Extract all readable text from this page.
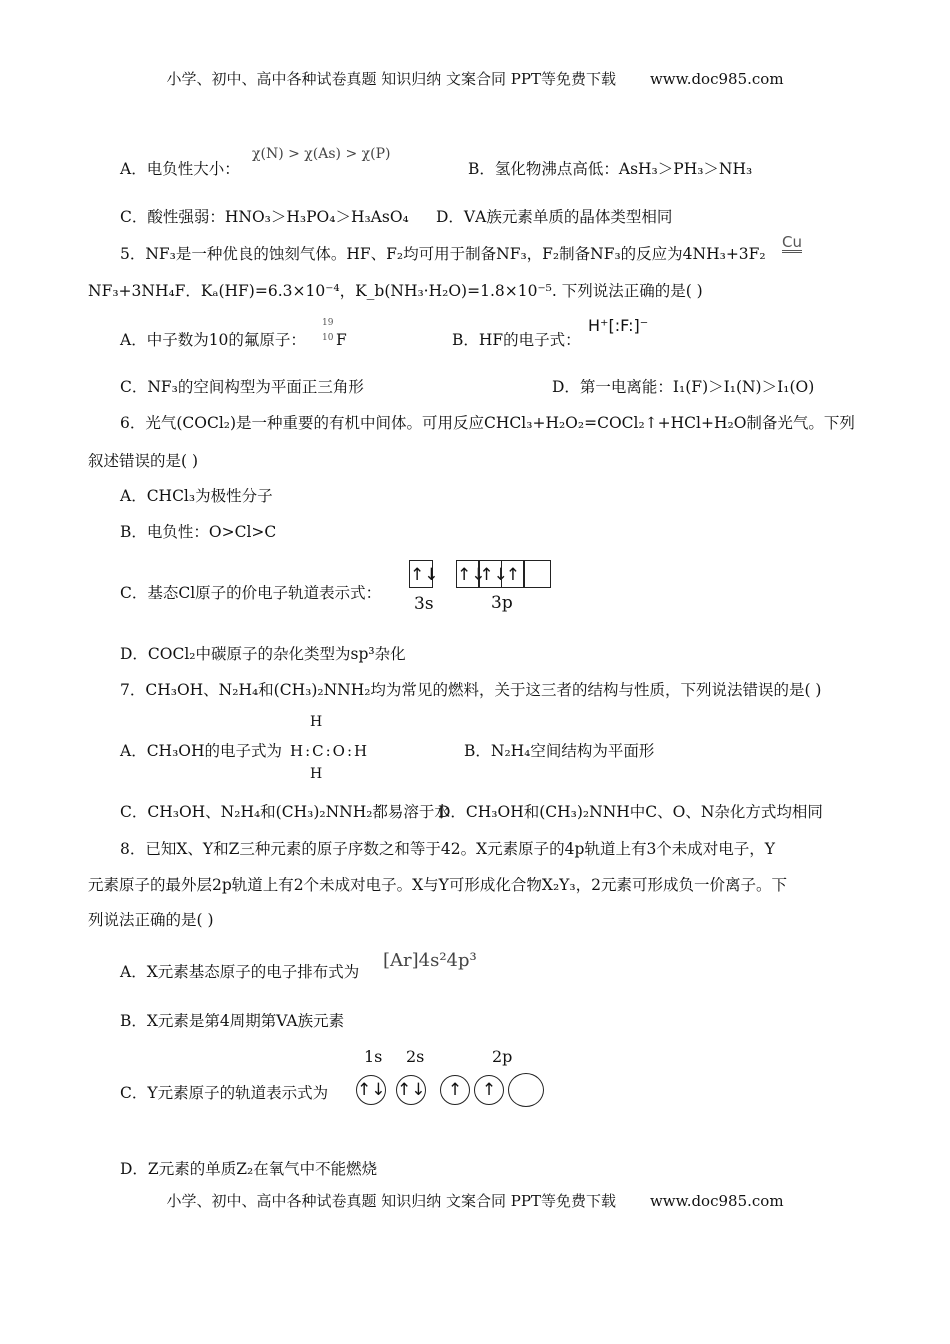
小学、初中、高中各种试卷真题 知识归纳 文案合同 PPT等免费下载 www.doc985.com
A．电负性大小：
χ(N) > χ(As) > χ(P)
B．氢化物沸点高低：AsH₃＞PH₃＞NH₃
C．酸性强弱：HNO₃＞H₃PO₄＞H₃AsO₄ D．ⅤA族元素单质的晶体类型相同
5．NF₃是一种优良的蚀刻气体。HF、F₂均可用于制备NF₃，F₂制备NF₃的反应为4NH₃+3F₂
Cu
NF₃+3NH₄F．Kₐ(HF)=6.3×10⁻⁴，K_b(NH₃·H₂O)=1.8×10⁻⁵. 下列说法正确的是( )
A．中子数为10的氟原子：
19
10 F	B．HF的电子式：
H⁺[:F:]⁻
C．NF₃的空间构型为平面正三角形	D．第一电离能：I₁(F)＞I₁(N)＞I₁(O)
6．光气(COCl₂)是一种重要的有机中间体。可用反应CHCl₃+H₂O₂=COCl₂↑+HCl+H₂O制备光气。下列
叙述错误的是( )
A．CHCl₃为极性分子
B．电负性：O>Cl>C
C．基态Cl原子的价电子轨道表示式：
↑↓ ↑↓
↑↓
↑
3s	3p
D．COCl₂中碳原子的杂化类型为sp³杂化
7．CH₃OH、N₂H₄和(CH₃)₂NNH₂均为常见的燃料，关于这三者的结构与性质，下列说法错误的是( )
A．CH₃OH的电子式为
H
H:C:O:H
H
B．N₂H₄空间结构为平面形
C．CH₃OH、N₂H₄和(CH₃)₂NNH₂都易溶于水
D．CH₃OH和(CH₃)₂NNH中C、O、N杂化方式均相同
8．已知X、Y和Z三种元素的原子序数之和等于42。X元素原子的4p轨道上有3个未成对电子，Y
元素原子的最外层2p轨道上有2个未成对电子。X与Y可形成化合物X₂Y₃，2元素可形成负一价离子。下
列说法正确的是( )
A．X元素基态原子的电子排布式为
[Ar]4s²4p³
B．X元素是第4周期第VA族元素
C．Y元素原子的轨道表示式为
1s 2s	2p
↑↓ ↑↓	↑	↑
D．Z元素的单质Z₂在氧气中不能燃烧
小学、初中、高中各种试卷真题 知识归纳 文案合同 PPT等免费下载 www.doc985.com
